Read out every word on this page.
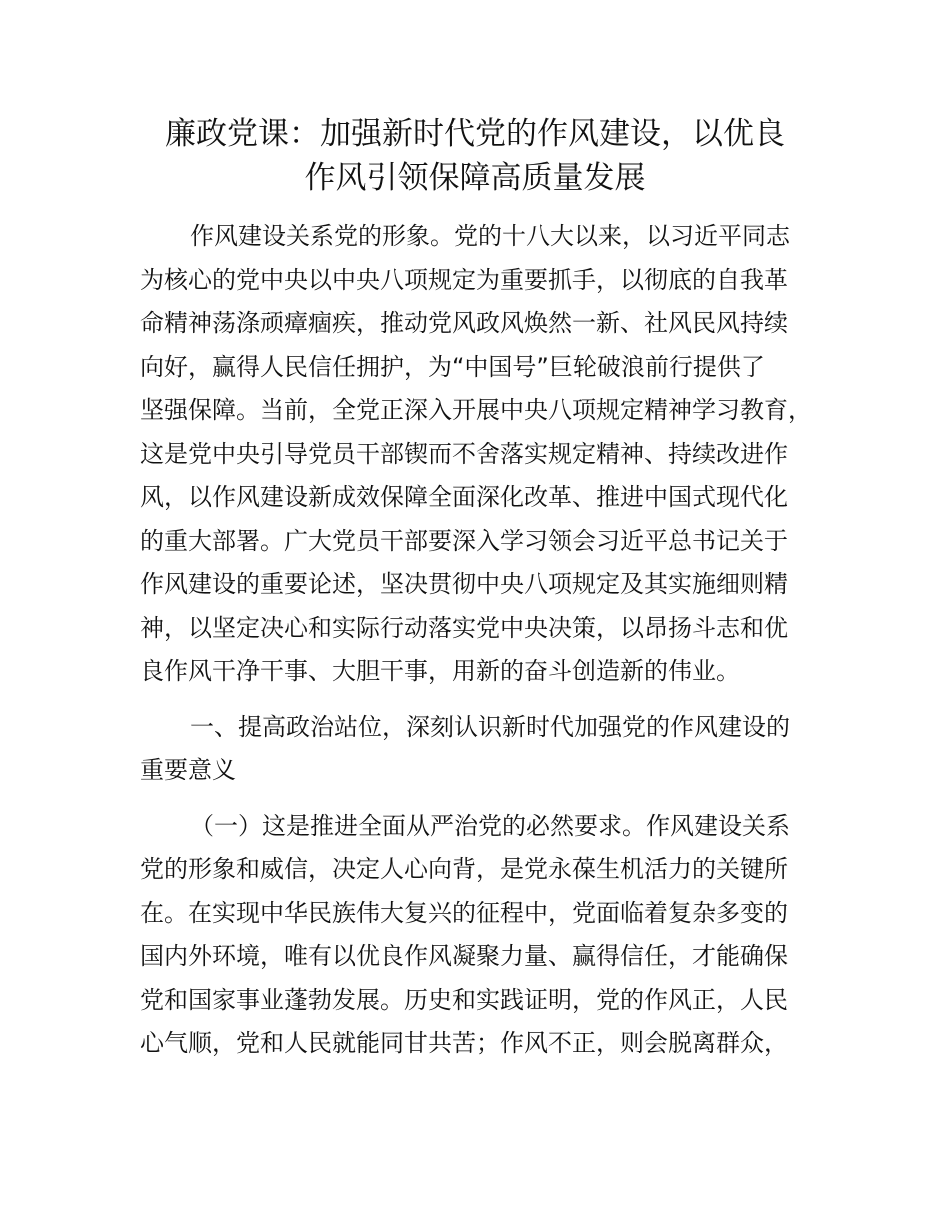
廉政党课：加强新时代党的作风建设，以优良
作风引领保障高质量发展
作风建设关系党的形象。党的十八大以来，以习近平同志
为核心的党中央以中央八项规定为重要抓手，以彻底的自我革
命精神荡涤顽瘴痼疾，推动党风政风焕然一新、社风民风持续
向好，赢得人民信任拥护，为“中国号”巨轮破浪前行提供了
坚强保障。当前，全党正深入开展中央八项规定精神学习教育，
这是党中央引导党员干部锲而不舍落实规定精神、持续改进作
风，以作风建设新成效保障全面深化改革、推进中国式现代化
的重大部署。广大党员干部要深入学习领会习近平总书记关于
作风建设的重要论述，坚决贯彻中央八项规定及其实施细则精
神，以坚定决心和实际行动落实党中央决策，以昂扬斗志和优
良作风干净干事、大胆干事，用新的奋斗创造新的伟业。
一、提高政治站位，深刻认识新时代加强党的作风建设的
重要意义
（一）这是推进全面从严治党的必然要求。作风建设关系
党的形象和威信，决定人心向背，是党永葆生机活力的关键所
在。在实现中华民族伟大复兴的征程中，党面临着复杂多变的
国内外环境，唯有以优良作风凝聚力量、赢得信任，才能确保
党和国家事业蓬勃发展。历史和实践证明，党的作风正，人民
心气顺，党和人民就能同甘共苦；作风不正，则会脱离群众，
